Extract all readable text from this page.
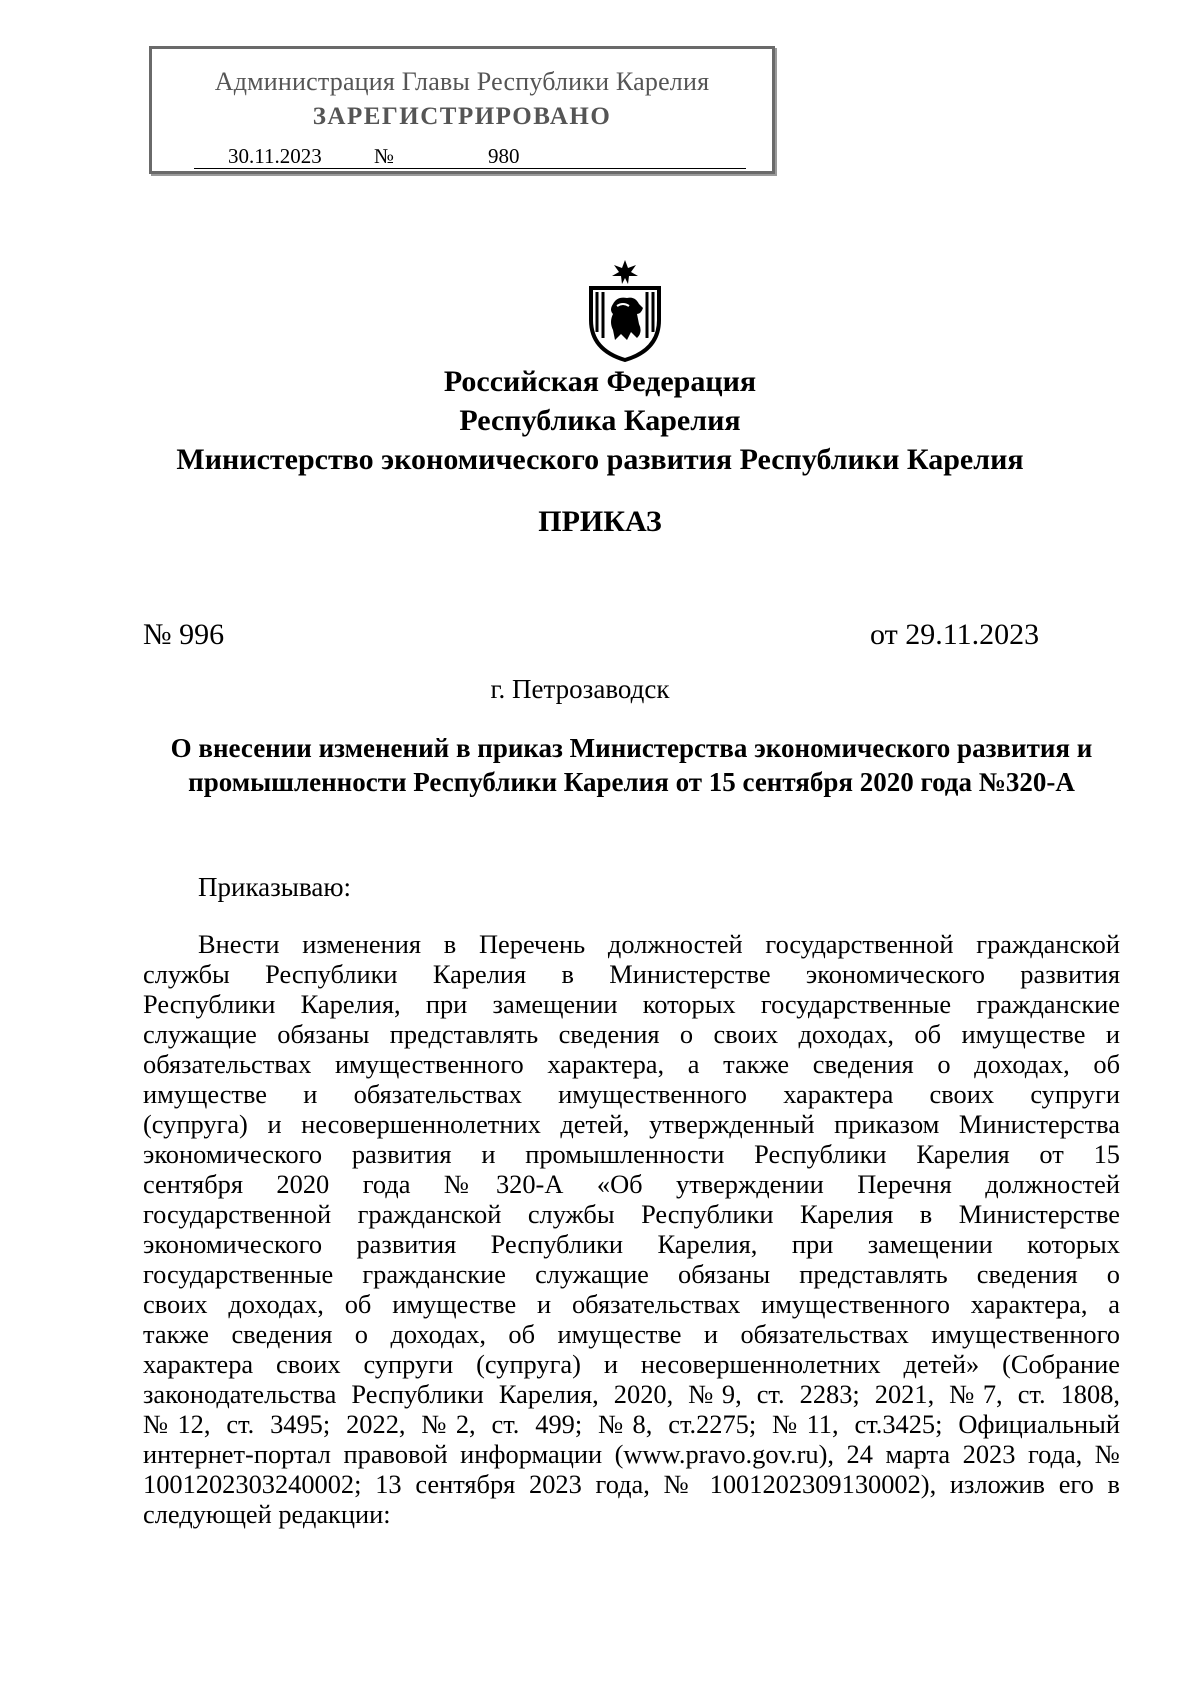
Администрация Главы Республики Карелия
ЗАРЕГИСТРИРОВАНО
30.11.2023 №	980
Российская Федерация
Республика Карелия
Министерство экономического развития Республики Карелия
ПРИКАЗ
№ 996	от 29.11.2023
г. Петрозаводск
О внесении изменений в приказ Министерства экономического развития и
промышленности Республики Карелия от 15 сентября 2020 года №320-А
Приказываю:
Внести изменения в Перечень должностей государственной гражданской
службы Республики Карелия в Министерстве экономического развития
Республики Карелия, при замещении которых государственные гражданские
служащие обязаны представлять сведения о своих доходах, об имуществе и
обязательствах имущественного характера, а также сведения о доходах, об
имуществе и обязательствах имущественного характера своих супруги
(супруга) и несовершеннолетних детей, утвержденный приказом Министерства
экономического развития и промышленности Республики Карелия от 15
сентября 2020 года №320-А «Об утверждении Перечня должностей
государственной гражданской службы Республики Карелия в Министерстве
экономического развития Республики Карелия, при замещении которых
государственные гражданские служащие обязаны представлять сведения о
своих доходах, об имуществе и обязательствах имущественного характера, а
также сведения о доходах, об имуществе и обязательствах имущественного
характера своих супруги (супруга) и несовершеннолетних детей» (Собрание
законодательства Республики Карелия, 2020, №9, ст. 2283; 2021, №7, ст. 1808,
№12, ст. 3495; 2022, №2, ст. 499; №8, ст.2275; №11, ст.3425; Официальный
интернет-портал правовой информации (www.pravo.gov.ru), 24 марта 2023 года, №
1001202303240002; 13 сентября 2023 года, № 1001202309130002), изложив его в
следующей редакции:
